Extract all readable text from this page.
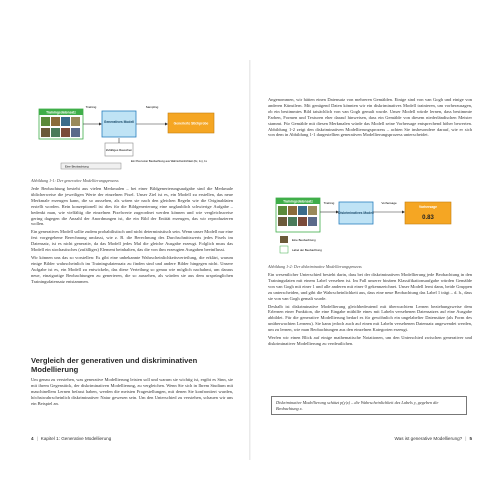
Trainingsdatensatz
Training
Generatives Modell
Zufälliges Rauschen
Sampling
Generierte Stichprobe
Ein Pixel einer Beobachtung aus Wahrscheinlichkeit (0x, 1x), 1x
Eine Beobachtung

Abbildung 1-1: Der generative Modellierungsprozess

Jede Beobachtung besteht aus vielen Merkmalen – bei einer Bildgenerierungsaufgabe sind die Merkmale üblicherweise die jeweiligen Werte der einzelnen Pixel. Unser Ziel ist es, ein Modell zu erstellen, das neue Merkmale erzeugen kann, die so aussehen, als wären sie nach den gleichen Regeln wie die Originaldaten erstellt worden. Rein konzeptionell ist dies für die Bildgenerierung eine unglaublich schwierige Aufgabe – bedenkt man, wie vielfältig die einzelnen Pixelwerte zugeordnet werden können und wie vergleichsweise gering dagegen die Anzahl der Anordnungen ist, die ein Bild der Entität erzeugen, das wir reproduzieren wollen.

Ein generatives Modell sollte zudem probabilistisch und nicht deterministisch sein. Wenn unser Modell nur eine fest vorgegebene Berechnung umfasst, wie z. B. die Berechnung des Durchschnittswerts jedes Pixels im Datensatz, ist es nicht generativ, da das Modell jedes Mal die gleiche Ausgabe erzeugt. Folglich muss das Modell ein stochastisches (zufälliges) Element beinhalten, das die von ihm erzeugten Ausgaben beeinflusst.

Wir können uns das so vorstellen: Es gibt eine unbekannte Wahrscheinlichkeitsverteilung, die erklärt, warum einige Bilder wahrscheinlich im Trainingsdatensatz zu finden sind und andere Bilder hingegen nicht. Unsere Aufgabe ist es, ein Modell zu entwickeln, das diese Verteilung so genau wie möglich nachahmt, um daraus neue, einzigartige Beobachtungen zu generieren, die so aussehen, als würden sie aus dem ursprünglichen Trainingsdatensatz entstammen.

Vergleich der generativen und diskriminativen Modellierung

Um genau zu verstehen, was generative Modellierung leisten soll und warum sie wichtig ist, ergibt es Sinn, sie mit ihrem Gegenstück, der diskriminativen Modellierung, zu vergleichen. Wenn Sie sich in Ihrem Studium mit maschinellem Lernen befasst haben, werden die meisten Fragestellungen, mit denen Sie konfrontiert wurden, höchstwahrscheinlich diskriminativer Natur gewesen sein. Um den Unterschied zu verstehen, schauen wir uns ein Beispiel an.

4 | Kapitel 1: Generative Modellierung

Angenommen, wir hätten einen Datensatz von mehreren Gemälden. Einige sind von van Gogh und einige von anderen Künstlern. Mit genügend Daten könnten wir ein diskriminatives Modell trainieren, um vorherzusagen, ob ein bestimmtes Bild tatsächlich von van Gogh gemalt wurde. Unser Modell würde lernen, dass bestimmte Farben, Formen und Texturen eher darauf hinweisen, dass ein Gemälde von diesem niederländischen Meister stammt. Für Gemälde mit diesen Merkmalen würde das Modell seine Vorhersage entsprechend höher bewerten. Abbildung 1-2 zeigt den diskriminativen Modellierungsprozess – achten Sie insbesondere darauf, wie er sich von dem in Abbildung 1-1 dargestellten generativen Modellierungsprozess unterscheidet.

Trainingsdatensatz	Training
Diskriminatives Modell
Vorhersage
Vorhersage
0.83
Eine Beobachtung
Label der Beobachtung

Abbildung 1-2: Der diskriminative Modellierungsprozess

Ein wesentlicher Unterschied besteht darin, dass bei der diskriminativen Modellierung jede Beobachtung in den Trainingsdaten mit einem Label versehen ist. Im Fall unserer binären Klassifikationsaufgabe würden Gemälde von van Gogh mit einer 1 und alle anderen mit einer 0 gekennzeichnet. Unser Modell lernt dann, beide Gruppen zu unterscheiden, und gibt die Wahrscheinlichkeit aus, dass eine neue Beobachtung das Label 1 trägt – d. h., dass sie von van Gogh gemalt wurde.

Deshalb ist diskriminative Modellierung gleichbedeutend mit überwachtem Lernen beziehungsweise dem Erlernen einer Funktion, die eine Eingabe mithilfe eines mit Labeln versehenen Datensatzes auf eine Ausgabe abbildet. Für die generative Modellierung bedarf es für gewöhnlich ein ungelabelter Datensätze (als Form des unüberwachten Lernens). Sie kann jedoch auch auf einen mit Labeln versehenen Datensatz angewendet werden, um zu lernen, wie man Beobachtungen aus den einzelnen Kategorien erzeugt.

Werfen wir einen Blick auf einige mathematische Notationen, um den Unterschied zwischen generativer und diskriminativer Modellierung zu verdeutlichen.

Diskriminative Modellierung schätzt p(y|x) – die Wahrscheinlichkeit des Labels y, gegeben die Beobachtung x.

Was ist generative Modellierung? | 5
